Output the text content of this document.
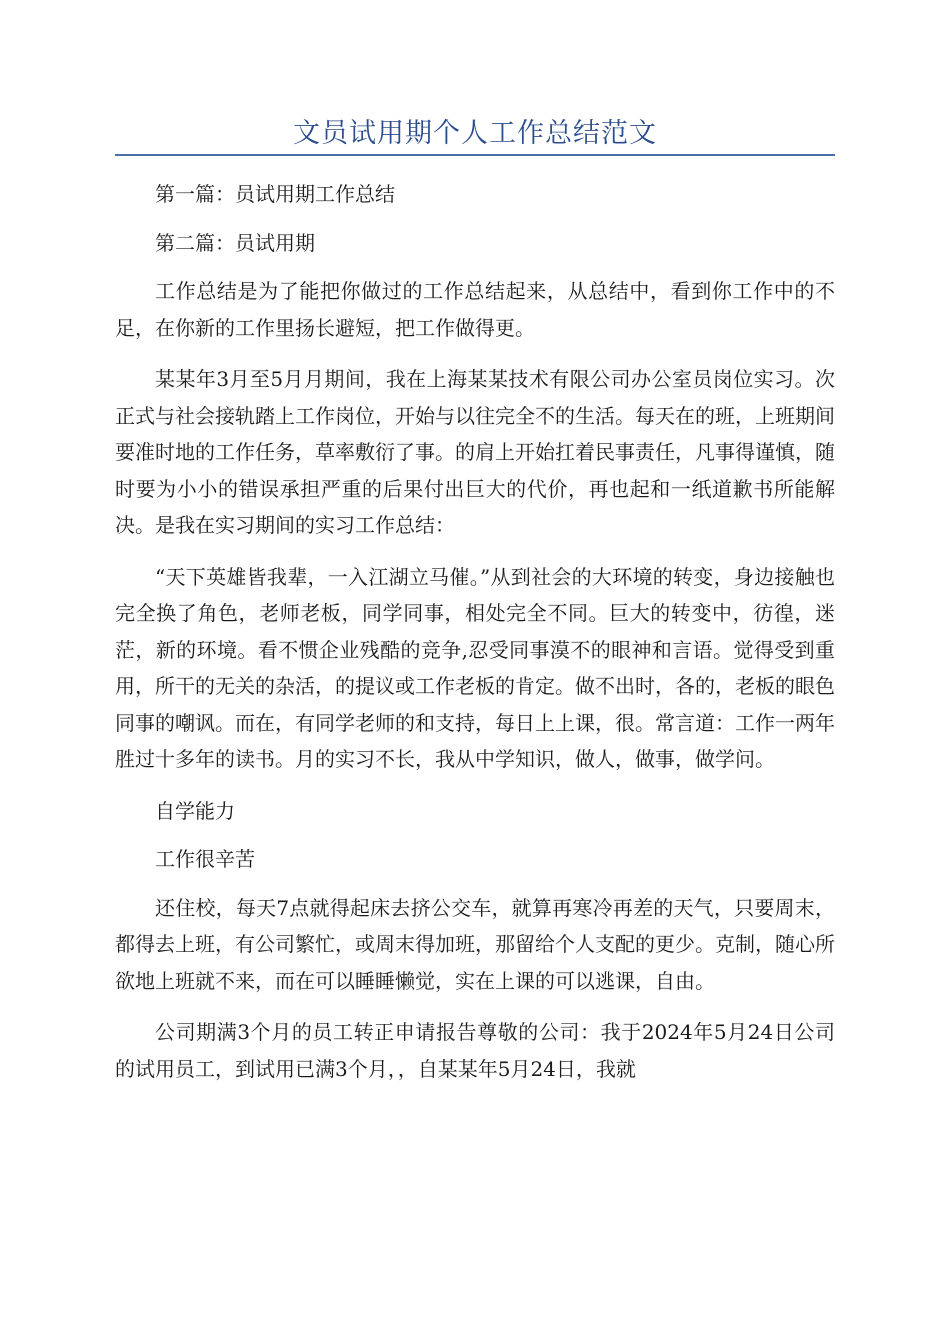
文员试用期个人工作总结范文

第一篇：员试用期工作总结

第二篇：员试用期

工作总结是为了能把你做过的工作总结起来，从总结中，看到你工作中的不足，在你新的工作里扬长避短，把工作做得更。

某某年3月至5月月期间，我在上海某某技术有限公司办公室员岗位实习。次正式与社会接轨踏上工作岗位，开始与以往完全不的生活。每天在的班，上班期间要准时地的工作任务，草率敷衍了事。的肩上开始扛着民事责任，凡事得谨慎，随时要为小小的错误承担严重的后果付出巨大的代价，再也起和一纸道歉书所能解决。是我在实习期间的实习工作总结：

“天下英雄皆我辈，一入江湖立马催。”从到社会的大环境的转变，身边接触也完全换了角色，老师老板，同学同事，相处完全不同。巨大的转变中，彷徨，迷茫，新的环境。看不惯企业残酷的竞争,忍受同事漠不的眼神和言语。觉得受到重用，所干的无关的杂活，的提议或工作老板的肯定。做不出时，各的，老板的眼色同事的嘲讽。而在，有同学老师的和支持，每日上上课，很。常言道：工作一两年胜过十多年的读书。月的实习不长，我从中学知识，做人，做事，做学问。

自学能力

工作很辛苦

还住校，每天7点就得起床去挤公交车，就算再寒冷再差的天气，只要周末，都得去上班，有公司繁忙，或周末得加班，那留给个人支配的更少。克制，随心所欲地上班就不来，而在可以睡睡懒觉，实在上课的可以逃课，自由。

公司期满3个月的员工转正申请报告尊敬的公司：我于2024年5月24日公司的试用员工，到试用已满3个月，，自某某年5月24日，我就
